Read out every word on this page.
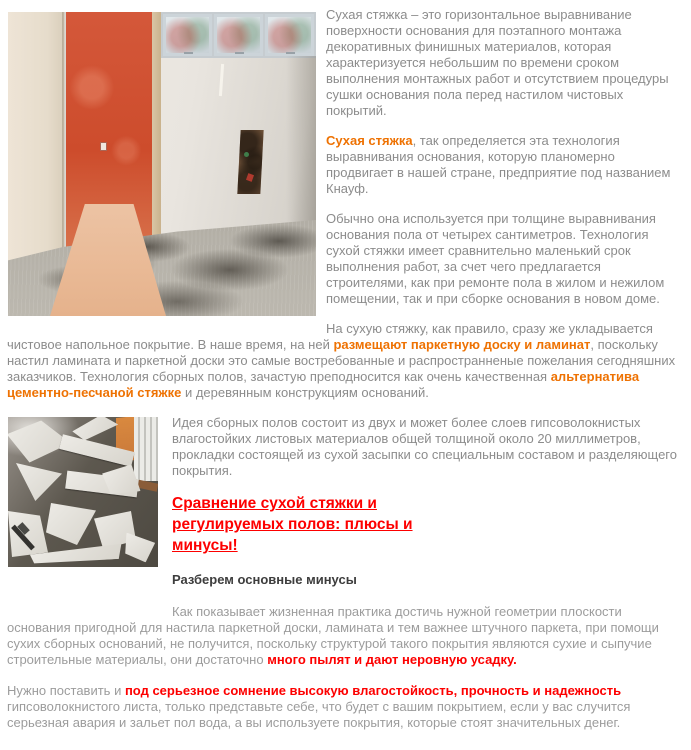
Сухая стяжка – это горизонтальное выравнивание поверхности основания для поэтапного монтажа декоративных финишных материалов, которая характеризуется небольшим по времени сроком выполнения монтажных работ и отсутствием процедуры сушки основания пола перед настилом чистовых покрытий.

Сухая стяжка, так определяется эта технология выравнивания основания, которую планомерно продвигает в нашей стране, предприятие под названием Кнауф.

Обычно она используется при толщине выравнивания основания пола от четырех сантиметров. Технология сухой стяжки имеет сравнительно маленький срок выполнения работ, за счет чего предлагается строителями, как при ремонте пола в жилом и нежилом помещении, так и при сборке основания в новом доме.

На сухую стяжку, как правило, сразу же укладывается чистовое напольное покрытие. В наше время, на ней размещают паркетную доску и ламинат, поскольку настил ламината и паркетной доски это самые востребованные и распространненые пожелания сегодняшних заказчиков. Технология сборных полов, зачастую преподносится как очень качественная альтернатива цементно-песчаной стяжке и деревянным конструкциям оснований.

Идея сборных полов состоит из двух и может более слоев гипсоволокнистых влагостойких листовых материалов общей толщиной около 20 миллиметров, прокладки состоящей из сухой засыпки со специальным составом и разделяющего покрытия.

Сравнение сухой стяжки и регулируемых полов: плюсы и минусы!
Разберем основные минусы

Как показывает жизненная практика достичь нужной геометрии плоскости основания пригодной для настила паркетной доски, ламината и тем важнее штучного паркета, при помощи сухих сборных оснований, не получится, поскольку структурой такого покрытия являются сухие и сыпучие строительные материалы, они достаточно много пылят и дают неровную усадку.

Нужно поставить и под серьезное сомнение высокую влагостойкость, прочность и надежность гипсоволокнистого листа, только представьте себе, что будет с вашим покрытием, если у вас случится серьезная авария и зальет пол вода, а вы используете покрытия, которые стоят значительных денег.
